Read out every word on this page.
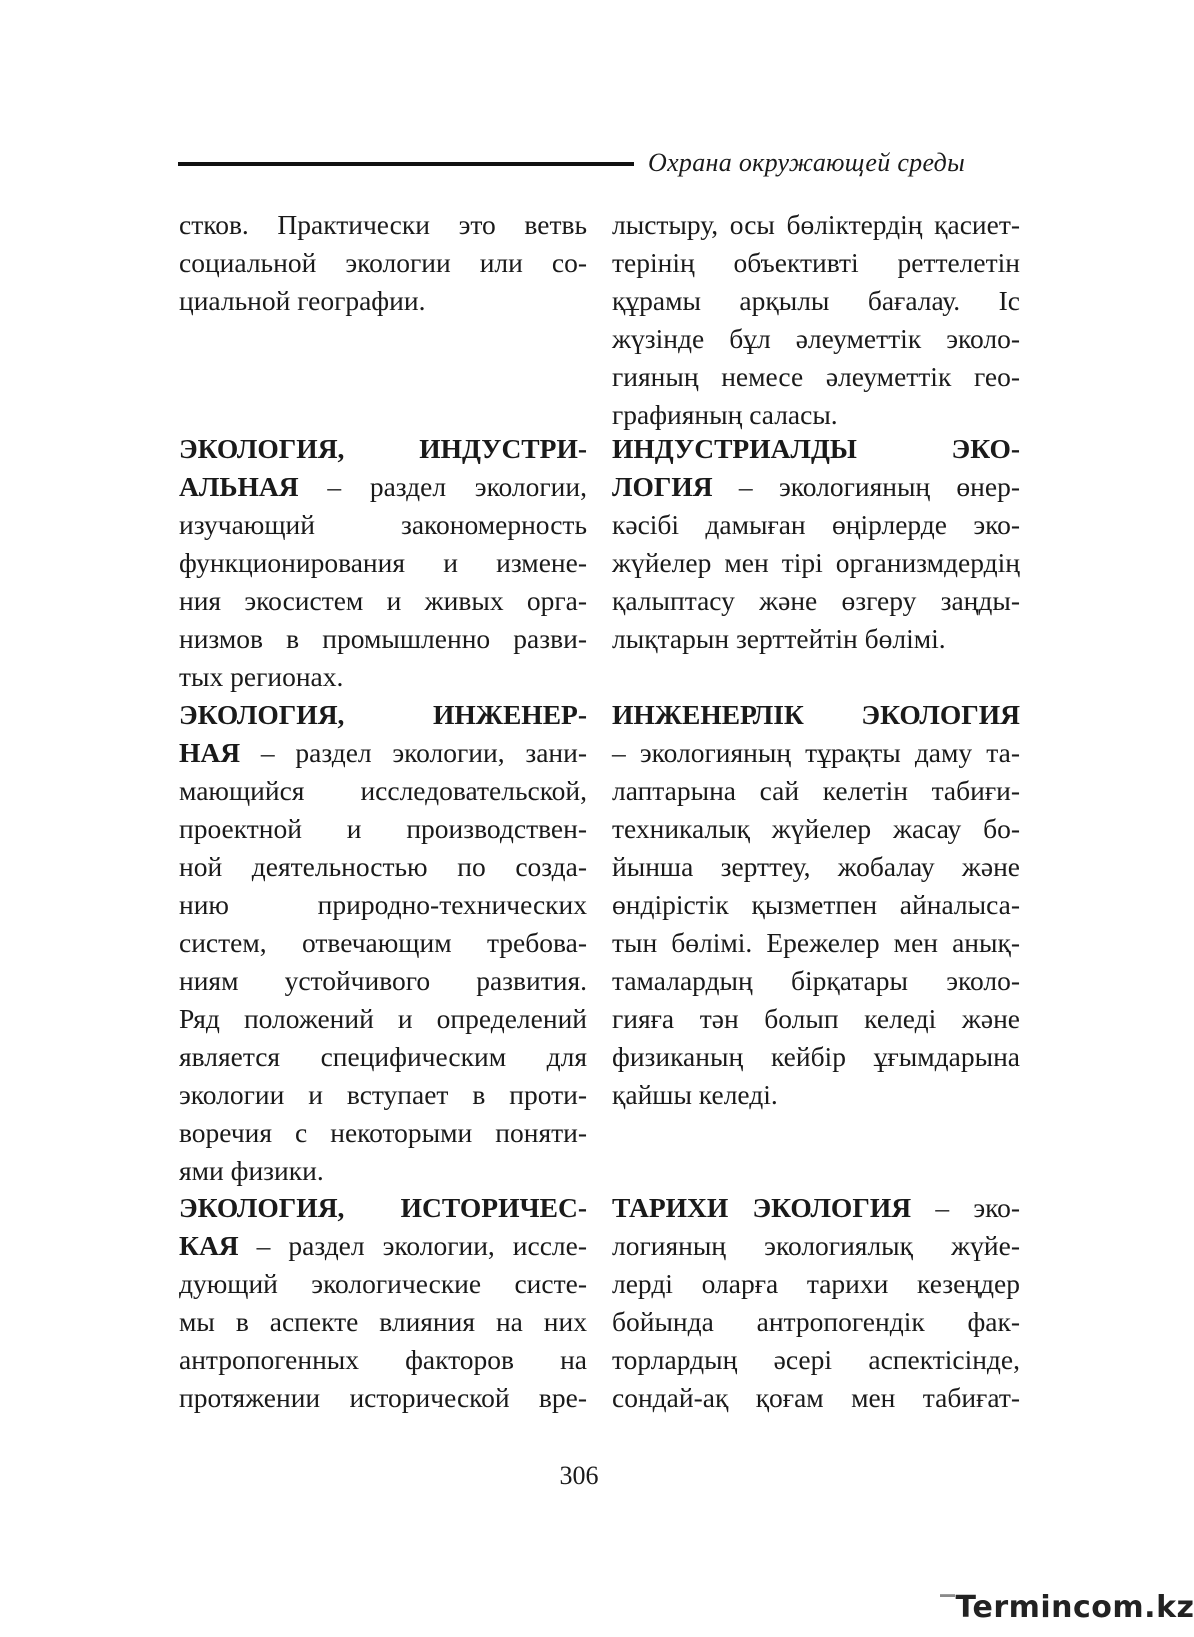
Охрана окружающей среды
стков. Практически это ветвь
социальной экологии или со-
циальной географии.
ЭКОЛОГИЯ, ИНДУСТРИ-
АЛЬНАЯ – раздел экологии,
изучающий закономерность
функционирования и измене-
ния экосистем и живых орга-
низмов в промышленно разви-
тых регионах.
ЭКОЛОГИЯ, ИНЖЕНЕР-
НАЯ – раздел экологии, зани-
мающийся исследовательской,
проектной и производствен-
ной деятельностью по созда-
нию природно-технических
систем, отвечающим требова-
ниям устойчивого развития.
Ряд положений и определений
является специфическим для
экологии и вступает в проти-
воречия с некоторыми поняти-
ями физики.
ЭКОЛОГИЯ, ИСТОРИЧЕС-
КАЯ – раздел экологии, иссле-
дующий экологические систе-
мы в аспекте влияния на них
антропогенных факторов на
протяжении исторической вре-
лыстыру, осы бөліктердің қасиет-
терінің объективті реттелетін
құрамы арқылы бағалау. Іс
жүзінде бұл әлеуметтік эколо-
гияның немесе әлеуметтік гео-
графияның саласы.
ИНДУСТРИАЛДЫ ЭКО-
ЛОГИЯ – экологияның өнер-
кәсібі дамыған өңірлерде эко-
жүйелер мен тірі организмдердің
қалыптасу және өзгеру заңды-
лықтарын зерттейтін бөлімі.
ИНЖЕНЕРЛІК ЭКОЛОГИЯ
– экологияның тұрақты даму та-
лаптарына сай келетін табиғи-
техникалық жүйелер жасау бо-
йынша зерттеу, жобалау және
өндірістік қызметпен айналыса-
тын бөлімі. Ережелер мен анық-
тамалардың бірқатары эколо-
гияға тән болып келеді және
физиканың кейбір ұғымдарына
қайшы келеді.
ТАРИХИ ЭКОЛОГИЯ – эко-
логияның экологиялық жүйе-
лерді оларға тарихи кезеңдер
бойында антропогендік фак-
торлардың әсері аспектісінде,
сондай-ақ қоғам мен табиғат-
306
‾Termincom.kz
